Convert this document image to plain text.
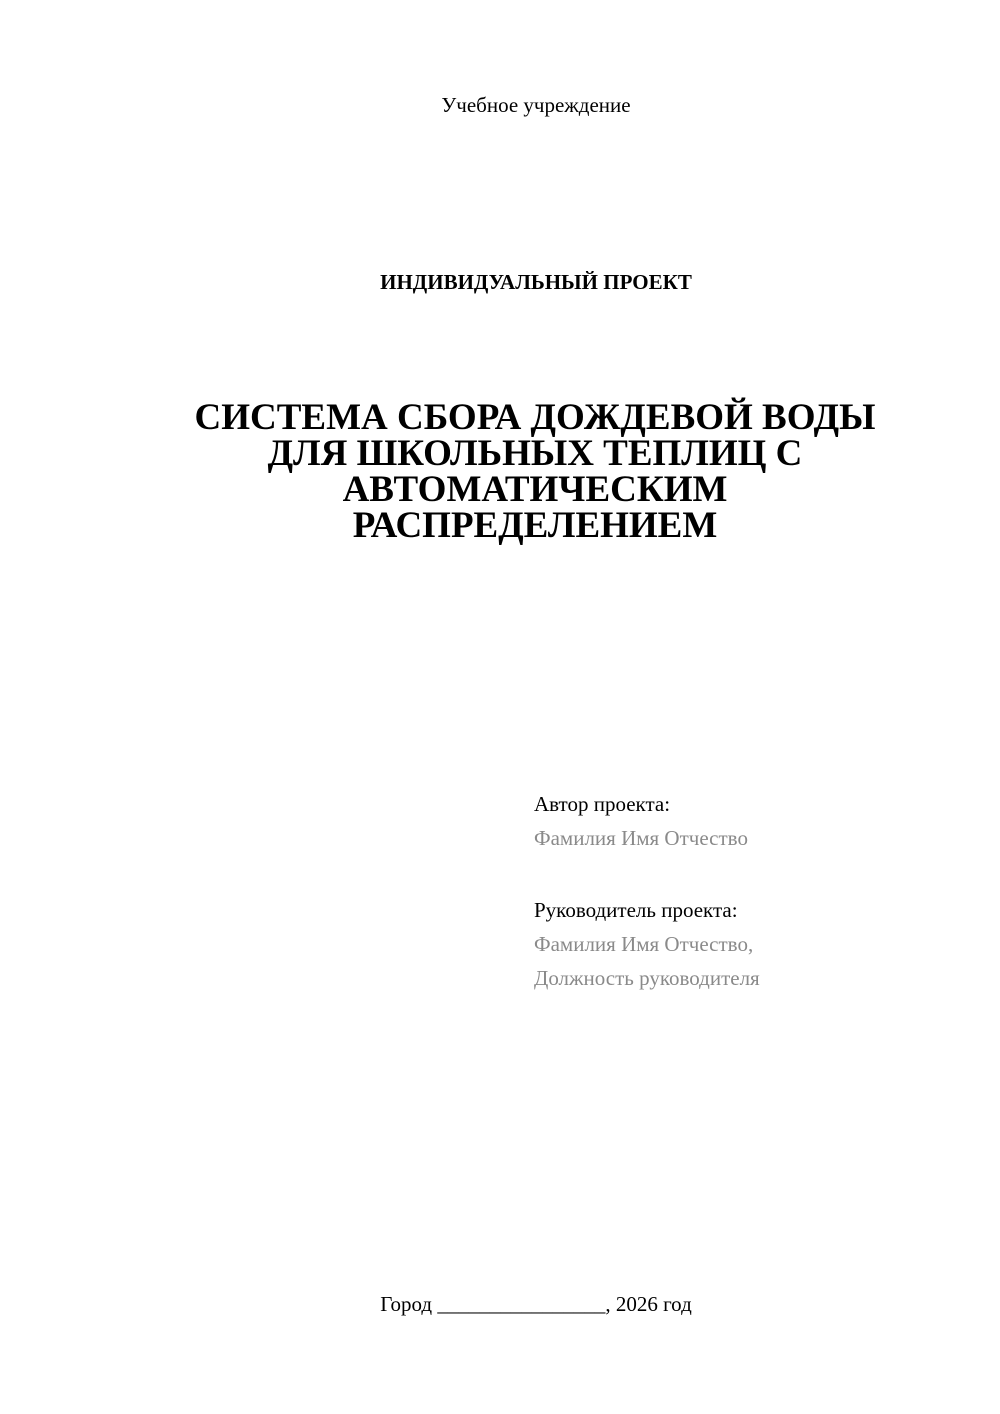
Учебное учреждение
ИНДИВИДУАЛЬНЫЙ ПРОЕКТ
СИСТЕМА СБОРА ДОЖДЕВОЙ ВОДЫ
ДЛЯ ШКОЛЬНЫХ ТЕПЛИЦ С
АВТОМАТИЧЕСКИМ
РАСПРЕДЕЛЕНИЕМ
Автор проекта:
Фамилия Имя Отчество
Руководитель проекта:
Фамилия Имя Отчество,
Должность руководителя
Город ________________, 2026 год
